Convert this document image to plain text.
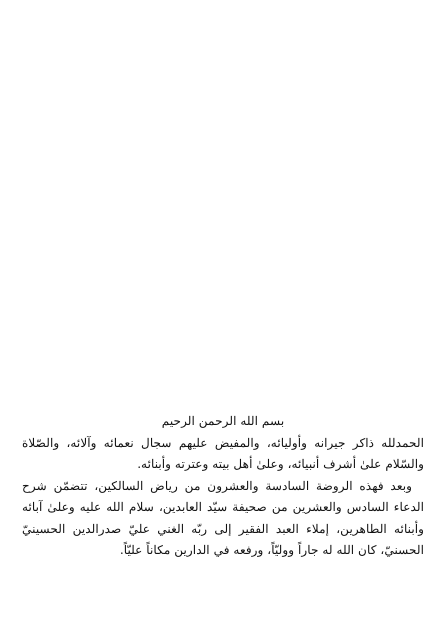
بسم الله الرحمن الرحيم

الحمدلله ذاكر جيرانه وأوليائه، والمفيض عليهم سجال نعمائه وآلائه، والصّلاة والسّلام علىٰ أشرف أنبيائه، وعلىٰ أهل بيته وعترته وأبنائه.

وبعد فهذه الروضة السادسة والعشرون من رياض السالكين، تتضمّن شرح الدعاء السادس والعشرين من صحيفة سيّد العابدين، سلام الله عليه وعلىٰ آبائه وأبنائه الطاهرين، إملاء العبد الفقير إلى ربّه الغني عليّ صدرالدين الحسينيّ الحسنيّ، كان الله له جاراً ووليّاً، ورفعه في الدارين مكاناً عليّاً.
